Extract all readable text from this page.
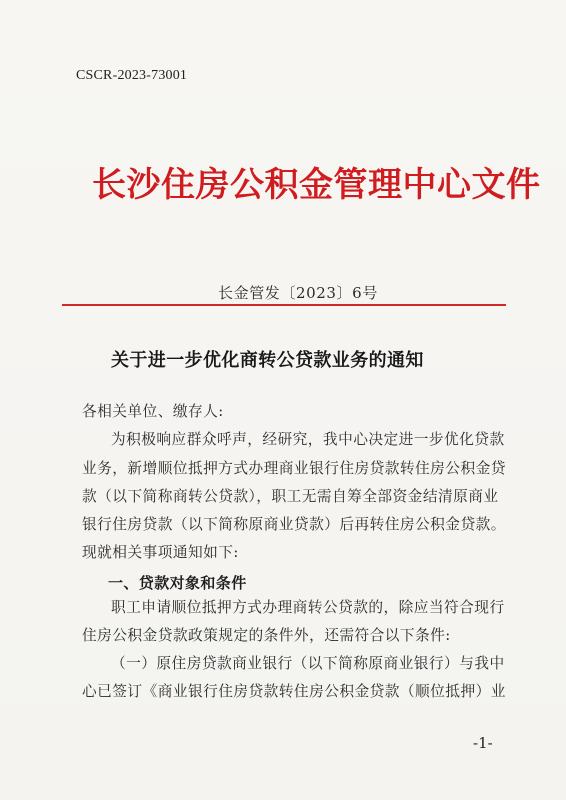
CSCR-2023-73001
长沙住房公积金管理中心文件
长金管发〔2023〕6号
关于进一步优化商转公贷款业务的通知
各相关单位、缴存人:
为积极响应群众呼声，经研究，我中心决定进一步优化贷款
业务，新增顺位抵押方式办理商业银行住房贷款转住房公积金贷
款（以下简称商转公贷款），职工无需自筹全部资金结清原商业
银行住房贷款（以下简称原商业贷款）后再转住房公积金贷款。
现就相关事项通知如下:
一、贷款对象和条件
职工申请顺位抵押方式办理商转公贷款的，除应当符合现行
住房公积金贷款政策规定的条件外，还需符合以下条件:
（一）原住房贷款商业银行（以下简称原商业银行）与我中
心已签订《商业银行住房贷款转住房公积金贷款（顺位抵押）业
-1-
